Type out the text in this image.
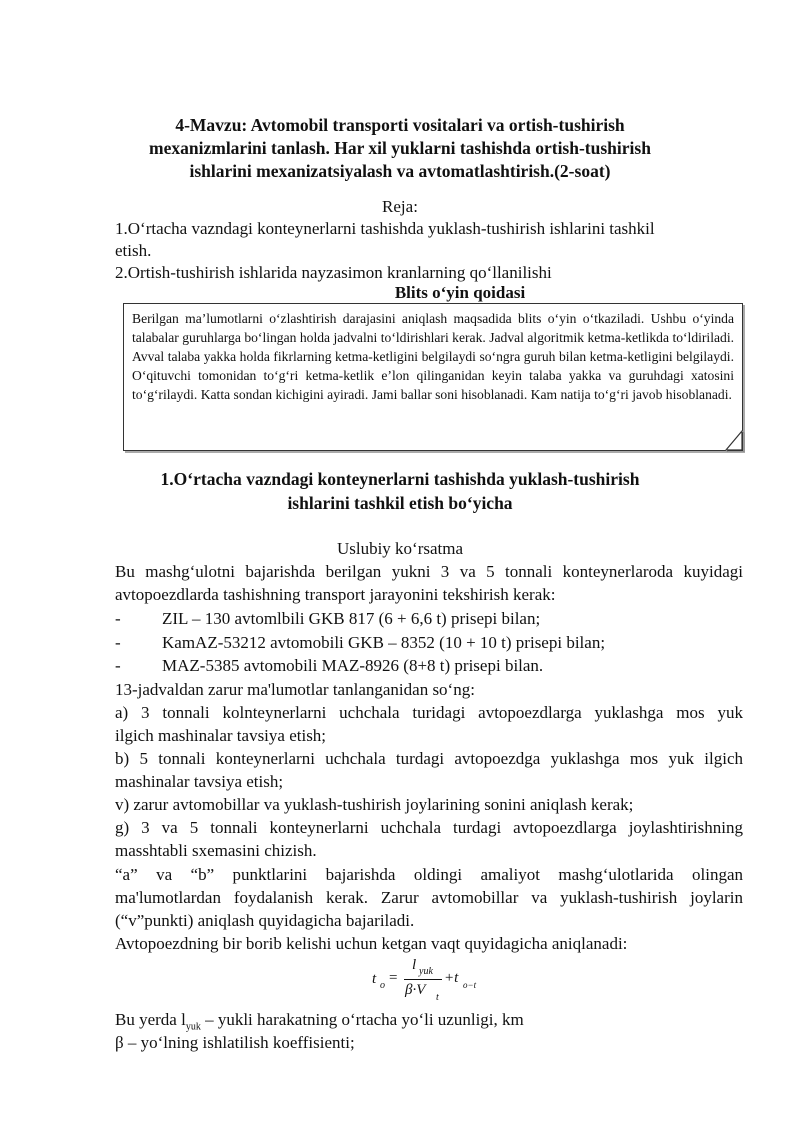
4-Mavzu: Avtomobil transporti vositalari va ortish-tushirish
mexanizmlarini tanlash. Har xil yuklarni tashishda ortish-tushirish
ishlarini mexanizatsiyalash va avtomatlashtirish.(2-soat)
Reja:
1.O‘rtacha vazndagi konteynerlarni tashishda yuklash-tushirish ishlarini tashkil
etish.
2.Ortish-tushirish ishlarida nayzasimon kranlarning qo‘llanilishi
Blits o‘yin qoidasi
Berilgan ma’lumotlarni o‘zlashtirish darajasini aniqlash maqsadida blits o‘yin o‘tkaziladi. Ushbu o‘yinda talabalar guruhlarga bo‘lingan holda jadvalni to‘ldirishlari kerak. Jadval algoritmik ketma-ketlikda to‘ldiriladi. Avval talaba yakka holda fikrlarning ketma-ketligini belgilaydi so‘ngra guruh bilan ketma-ketligini belgilaydi. O‘qituvchi tomonidan to‘g‘ri ketma-ketlik e’lon qilinganidan keyin talaba yakka va guruhdagi xatosini to‘g‘rilaydi. Katta sondan kichigini ayiradi. Jami ballar soni hisoblanadi. Kam natija to‘g‘ri javob hisoblanadi.
1.O‘rtacha vazndagi konteynerlarni tashishda yuklash-tushirish
ishlarini tashkil etish bo‘yicha
Uslubiy ko‘rsatma
Bu mashg‘ulotni bajarishda berilgan yukni 3 va 5 tonnali konteynerlaroda kuyidagi
avtopoezdlarda tashishning transport jarayonini tekshirish kerak:
- ZIL – 130 avtomlbili GKB 817 (6 + 6,6 t) prisepi bilan;
- KamAZ-53212 avtomobili GKB – 8352 (10 + 10 t) prisepi bilan;
- MAZ-5385 avtomobili MAZ-8926 (8+8 t) prisepi bilan.
13-jadvaldan zarur ma'lumotlar tanlanganidan so‘ng:
a) 3 tonnali kolnteynerlarni uchchala turidagi avtopoezdlarga yuklashga mos yuk
ilgich mashinalar tavsiya etish;
b) 5 tonnali konteynerlarni uchchala turdagi avtopoezdga yuklashga mos yuk ilgich
mashinalar tavsiya etish;
v) zarur avtomobillar va yuklash-tushirish joylarining sonini aniqlash kerak;
g) 3 va 5 tonnali konteynerlarni uchchala turdagi avtopoezdlarga joylashtirishning
masshtabli sxemasini chizish.
“a” va “b” punktlarini bajarishda oldingi amaliyot mashg‘ulotlarida olingan
ma'lumotlardan foydalanish kerak. Zarur avtomobillar va yuklash-tushirish joylarin
(“v”punkti) aniqlash quyidagicha bajariladi.
Avtopoezdning bir borib kelishi uchun ketgan vaqt quyidagicha aniqlanadi:
t o =
l yuk
β·V t
+t o−t
Bu yerda $l_{yuk}$ – yukli harakatning o‘rtacha yo‘li uzunligi, km
β – yo‘lning ishlatilish koeffisienti;
